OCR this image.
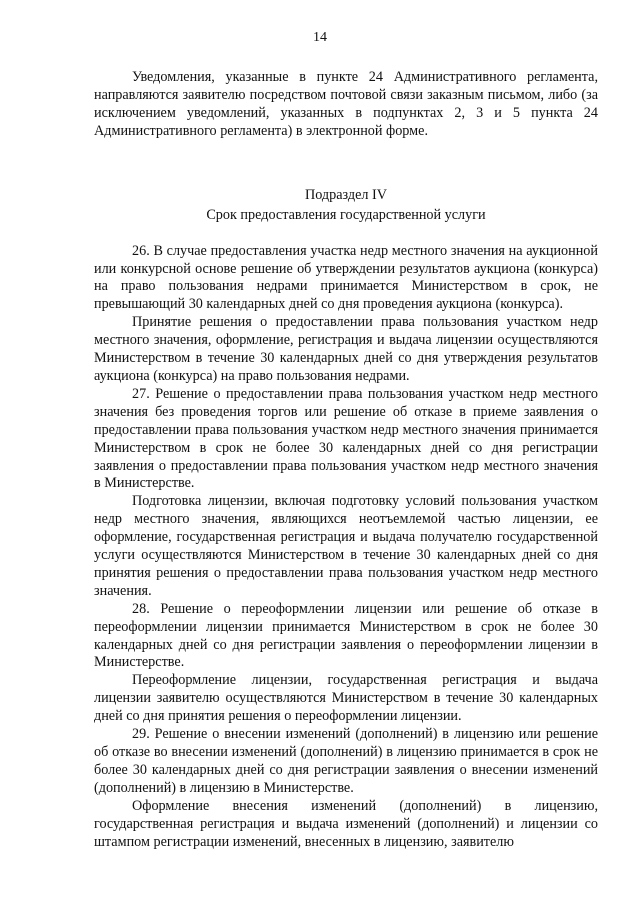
14

Уведомления, указанные в пункте 24 Административного регламента, направляются заявителю посредством почтовой связи заказным письмом, либо (за исключением уведомлений, указанных в подпунктах 2, 3 и 5 пункта 24 Административного регламента) в электронной форме.

Подраздел IV
Срок предоставления государственной услуги

26. В случае предоставления участка недр местного значения на аукционной или конкурсной основе решение об утверждении результатов аукциона (конкурса) на право пользования недрами принимается Министерством в срок, не превышающий 30 календарных дней со дня проведения аукциона (конкурса).

Принятие решения о предоставлении права пользования участком недр местного значения, оформление, регистрация и выдача лицензии осуществляются Министерством в течение 30 календарных дней со дня утверждения результатов аукциона (конкурса) на право пользования недрами.

27. Решение о предоставлении права пользования участком недр местного значения без проведения торгов или решение об отказе в приеме заявления о предоставлении права пользования участком недр местного значения принимается Министерством в срок не более 30 календарных дней со дня регистрации заявления о предоставлении права пользования участком недр местного значения в Министерстве.

Подготовка лицензии, включая подготовку условий пользования участком недр местного значения, являющихся неотъемлемой частью лицензии, ее оформление, государственная регистрация и выдача получателю государственной услуги осуществляются Министерством в течение 30 календарных дней со дня принятия решения о предоставлении права пользования участком недр местного значения.

28. Решение о переоформлении лицензии или решение об отказе в переоформлении лицензии принимается Министерством в срок не более 30 календарных дней со дня регистрации заявления о переоформлении лицензии в Министерстве.

Переоформление лицензии, государственная регистрация и выдача лицензии заявителю осуществляются Министерством в течение 30 календарных дней со дня принятия решения о переоформлении лицензии.

29. Решение о внесении изменений (дополнений) в лицензию или решение об отказе во внесении изменений (дополнений) в лицензию принимается в срок не более 30 календарных дней со дня регистрации заявления о внесении изменений (дополнений) в лицензию в Министерстве.

Оформление внесения изменений (дополнений) в лицензию, государственная регистрация и выдача изменений (дополнений) и лицензии со штампом регистрации изменений, внесенных в лицензию, заявителю
